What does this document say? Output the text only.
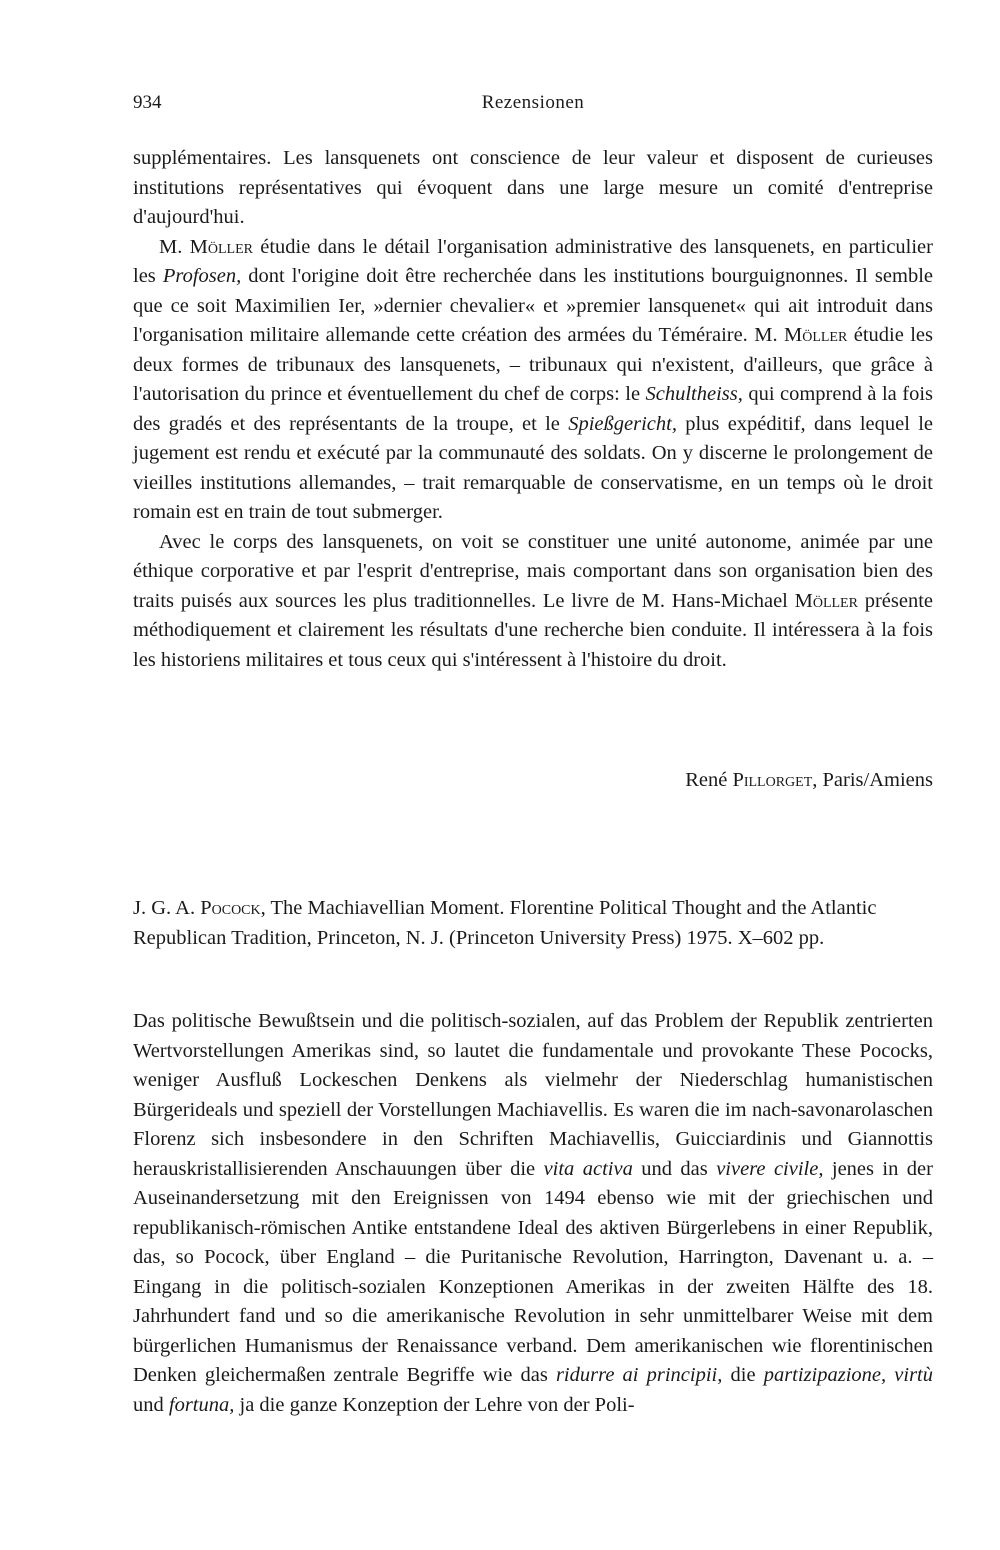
934	Rezensionen

supplémentaires. Les lansquenets ont conscience de leur valeur et disposent de curieuses institutions représentatives qui évoquent dans une large mesure un comité d'entreprise d'aujourd'hui.

M. Möller étudie dans le détail l'organisation administrative des lansquenets, en particulier les Profosen, dont l'origine doit être recherchée dans les institutions bourguignonnes. Il semble que ce soit Maximilien Ier, »dernier chevalier« et »premier lansquenet« qui ait introduit dans l'organisation militaire allemande cette création des armées du Téméraire. M. Möller étudie les deux formes de tribunaux des lansquenets, – tribunaux qui n'existent, d'ailleurs, que grâce à l'autorisation du prince et éventuellement du chef de corps: le Schultheiss, qui comprend à la fois des gradés et des représentants de la troupe, et le Spießgericht, plus expéditif, dans lequel le jugement est rendu et exécuté par la communauté des soldats. On y discerne le prolongement de vieilles institutions allemandes, – trait remarquable de conservatisme, en un temps où le droit romain est en train de tout submerger.

Avec le corps des lansquenets, on voit se constituer une unité autonome, animée par une éthique corporative et par l'esprit d'entreprise, mais comportant dans son organisation bien des traits puisés aux sources les plus traditionnelles. Le livre de M. Hans-Michael Möller présente méthodiquement et clairement les résultats d'une recherche bien conduite. Il intéressera à la fois les historiens militaires et tous ceux qui s'intéressent à l'histoire du droit.

René Pillorget, Paris/Amiens

J. G. A. Pocock, The Machiavellian Moment. Florentine Political Thought and the Atlantic Republican Tradition, Princeton, N. J. (Princeton University Press) 1975. X–602 pp.

Das politische Bewußtsein und die politisch-sozialen, auf das Problem der Republik zentrierten Wertvorstellungen Amerikas sind, so lautet die fundamentale und provokante These Pococks, weniger Ausfluß Lockeschen Denkens als vielmehr der Niederschlag humanistischen Bürgerideals und speziell der Vorstellungen Machiavellis. Es waren die im nach-savonarolaschen Florenz sich insbesondere in den Schriften Machiavellis, Guicciardinis und Giannottis herauskristallisierenden Anschauungen über die vita activa und das vivere civile, jenes in der Auseinandersetzung mit den Ereignissen von 1494 ebenso wie mit der griechischen und republikanisch-römischen Antike entstandene Ideal des aktiven Bürgerlebens in einer Republik, das, so Pocock, über England – die Puritanische Revolution, Harrington, Davenant u. a. – Eingang in die politisch-sozialen Konzeptionen Amerikas in der zweiten Hälfte des 18. Jahrhundert fand und so die amerikanische Revolution in sehr unmittelbarer Weise mit dem bürgerlichen Humanismus der Renaissance verband. Dem amerikanischen wie florentinischen Denken gleichermaßen zentrale Begriffe wie das ridurre ai principii, die partizipazione, virtù und fortuna, ja die ganze Konzeption der Lehre von der Poli-
